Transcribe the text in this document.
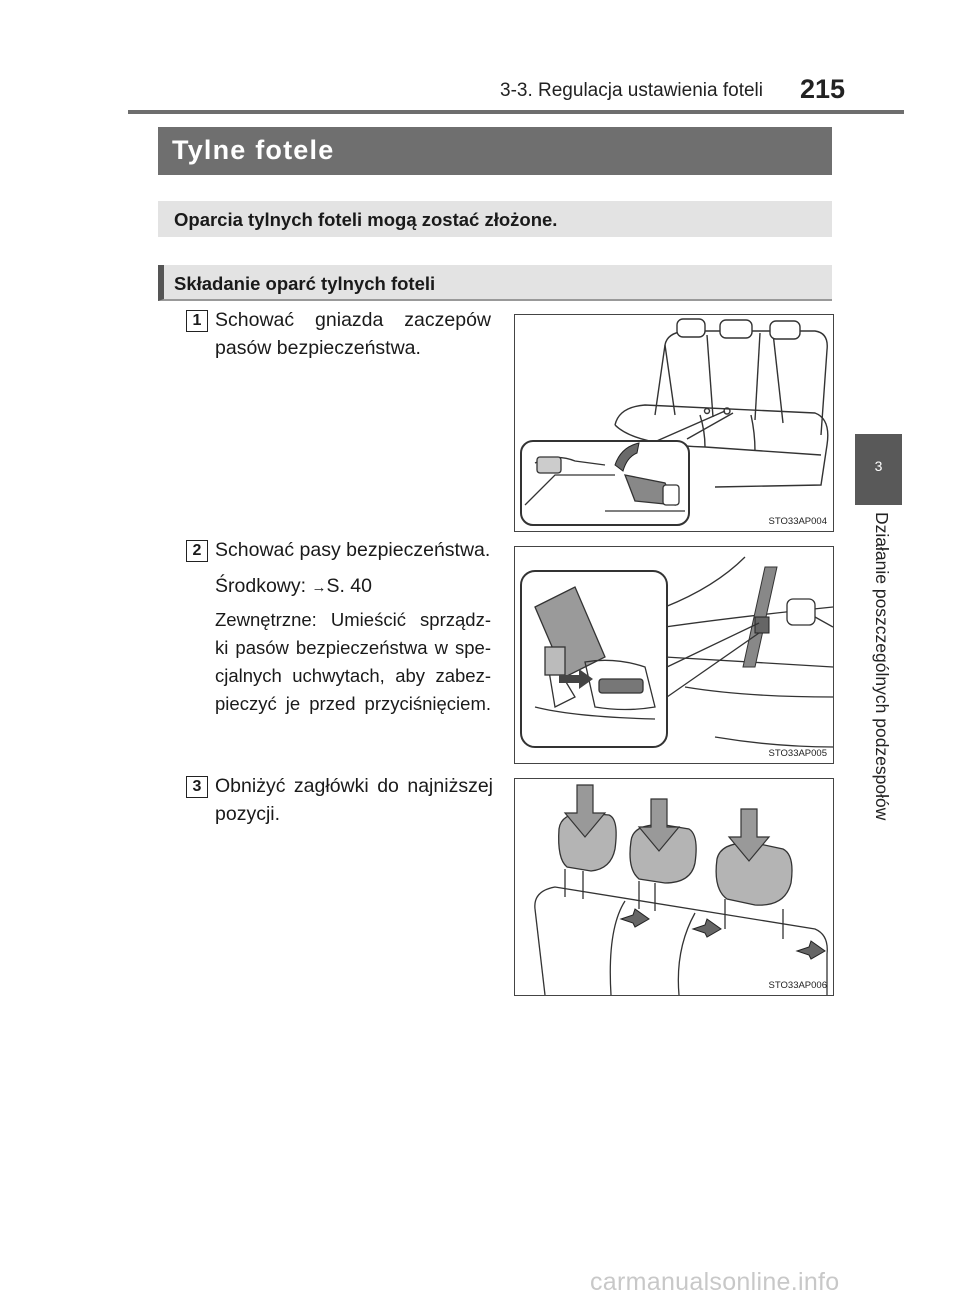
3-3. Regulacja ustawienia foteli 215
3
Działanie poszczególnych podzespołów
Tylne fotele
Oparcia tylnych foteli mogą zostać złożone.
Składanie oparć tylnych foteli
1 Schować gniazda zaczepów
pasów bezpieczeństwa.
STO33AP004
2 Schować pasy bezpieczeństwa.
Środkowy: →S. 40
Zewnętrzne: Umieścić sprządz-
ki pasów bezpieczeństwa w spe-
cjalnych uchwytach, aby zabez-
pieczyć je przed przyciśnięciem.
STO33AP005
3 Obniżyć zagłówki do najniższej
pozycji.
STO33AP006
carmanualsonline.info
